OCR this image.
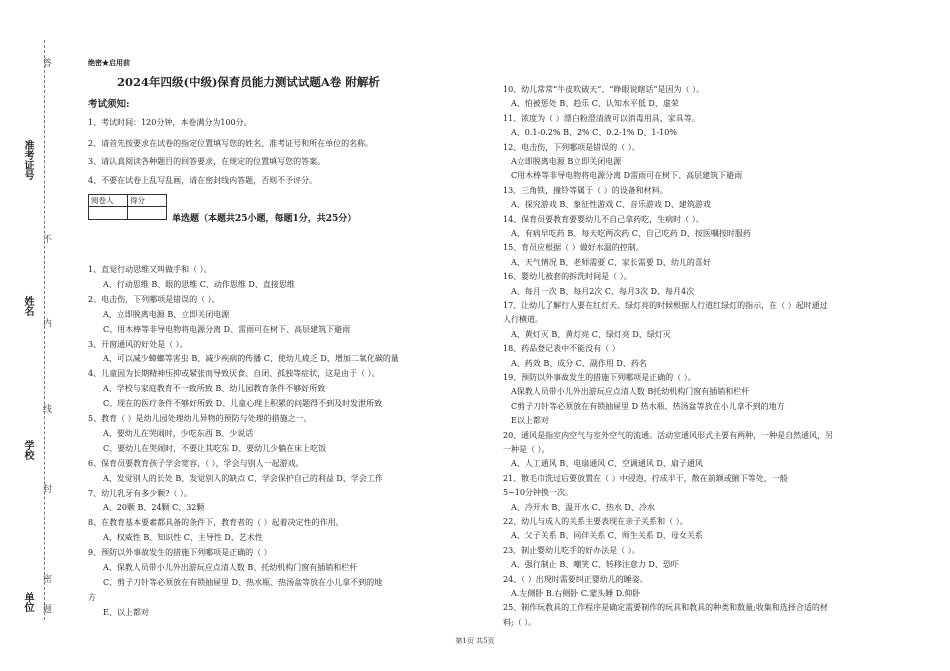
答
不
内
线
封
密
题
准考证号
姓名
学校
单位
绝密★启用前
2024年四级(中级)保育员能力测试试题A卷 附解析
考试须知:
1、考试时间：120分钟，本卷满分为100分。
2、请首先按要求在试卷的指定位置填写您的姓名、准考证号和所在单位的名称。
3、请认真阅读各种题目的回答要求，在规定的位置填写您的答案。
4、不要在试卷上乱写乱画，请在密封线内答题，否则不予评分。
阅卷人	得分

单选题（本题共25小题，每题1分，共25分）
1、直觉行动思维又叫做手和（ ）。
A、行动思维 B、眼的思维 C、动作思维 D、直接思维
2、电击伤，下列哪项是错误的（ ）。
A、立即脱离电源 B、立即关闭电源
C、用木棒等非导电物将电源分离 D、雷雨可在树下、高层建筑下避雨
3、开窗通风的好处是（ ）。
A、可以减少蟑螂等害虫 B、减少疾病的传播 C、使幼儿疲乏 D、增加二氧化碳的量
4、儿童因为长期精神压抑或紧张而导致厌食、自闭、孤独等症状，这是由于（ ）。
A、学校与家庭教育不一致所致 B、幼儿园教育条件不够好所致
C、现在的医疗条件不够好所致 D、儿童心理上积累的问题得不到及时发泄所致
5、教育（ ）是幼儿园处理幼儿异物的预防与处理的措施之一。
A、要幼儿在哭闹时，少吃东西 B、少说话
C、要幼儿在哭闹时，不要让其吃东 D、要幼儿少躺在床上吃饭
6、保育员要教育孩子学会宽容，（ ），学会与别人一起游戏。
A、发觉别人的长处 B、发觉别人的缺点 C、学会保护自己的利益 D、学会工作
7、幼儿乳牙有多少颗?（ ）。
A、20颗 B、24颗 C、32颗
8、在教育基本要素都具备的条件下，教育者的（ ）起着决定性的作用。
A、权威性 B、知识性 C、主导性 D、艺术性
9、预防以外事故发生的措施下列哪项是正确的（ ）
A、保教人员带小儿外出游玩应点清人数 B、托幼机构门窗有插销和栏杆
C、剪子刀针等必须放在有锁抽屉里 D、热水瓶、热汤盆等放在小儿拿不到的地
方
E、以上都对
10、幼儿常常“牛皮吹破天”、“睁眼说瞎话”是因为（ ）。
A、怕被惩处 B、趋乐 C、认知水平低 D、虚荣
11、浓度为（ ）漂白粉澄清液可以消毒用具、家具等。
A、0.1-0.2% B、2% C、0.2-1% D、1-10%
12、电击伤，下列哪项是错误的（ ）。
A立即脱离电源 B立即关闭电源
C用木棒等非导电物将电源分离 D雷雨可在树下、高层建筑下避雨
13、三角铁，撞铃等属于（ ）的设备和材料。
A、探究游戏 B、象征性游戏 C、音乐游戏 D、建筑游戏
14、保育员要教育要婴幼儿不自己拿药吃，生病时（ ）。
A、有病早吃药 B、每天吃两次药 C、自己吃药 D、按医嘱按时服药
15、育员应根据（ ）做好水温的控制。
A、天气情况 B、老师需要 C、家长需要 D、幼儿的喜好
16、婴幼儿被套的拆洗时间是（ ）。
A、每月一次 B、每月2次 C、每月3次 D、每月4次
17、让幼儿了解行人要在红灯天、绿灯亮的时候根据人行道红绿灯的指示，在（ ）起时通过
人行横道。
A、黄灯灭 B、黄灯亮 C、绿灯亮 D、绿灯灭
18、药品登记表中不能没有（ ）
A、药效 B、成分 C、副作用 D、药名
19、预防以外事故发生的措施下列哪项是正确的（ ）。
A保教人员带小儿外出游玩应点清人数 B托幼机构门窗有插销和栏杆
C剪子刀针等必须放在有锁抽屉里 D 热水瓶、热汤盆等放在小儿拿不到的地方
E以上都对
20、通风是指室内空气与室外空气的流通。活动室通风形式主要有两种，一种是自然通风，另
一种是（ ）。
A、人工通风 B、电扇通风 C、空调通风 D、扇子通风
21、散毛巾洗过后要放置在（ ）中浸泡，拧成半干，散在前额或腋下等处，一般
5~10分钟换一次。
A、冷开水 B、温开水 C、热水 D、冷水
22、幼儿与成人的关系主要表现在亲子关系和（ ）。
A、父子关系 B、同伴关系 C、师生关系 D、母女关系
23、制止婴幼儿吃手的好办法是（ ）。
A、强行制止 B、嘲笑 C、转移注意力 D、恐吓
24、（ ）出现时需要纠正婴幼儿的睡姿。
A.左侧卧 B.右侧卧 C.蒙头睡 D.仰卧
25、制作玩教具的工作程序是确定需要制作的玩具和教具的种类和数量;收集和选择合适的材
料;（ ）。
第1页 共5页
